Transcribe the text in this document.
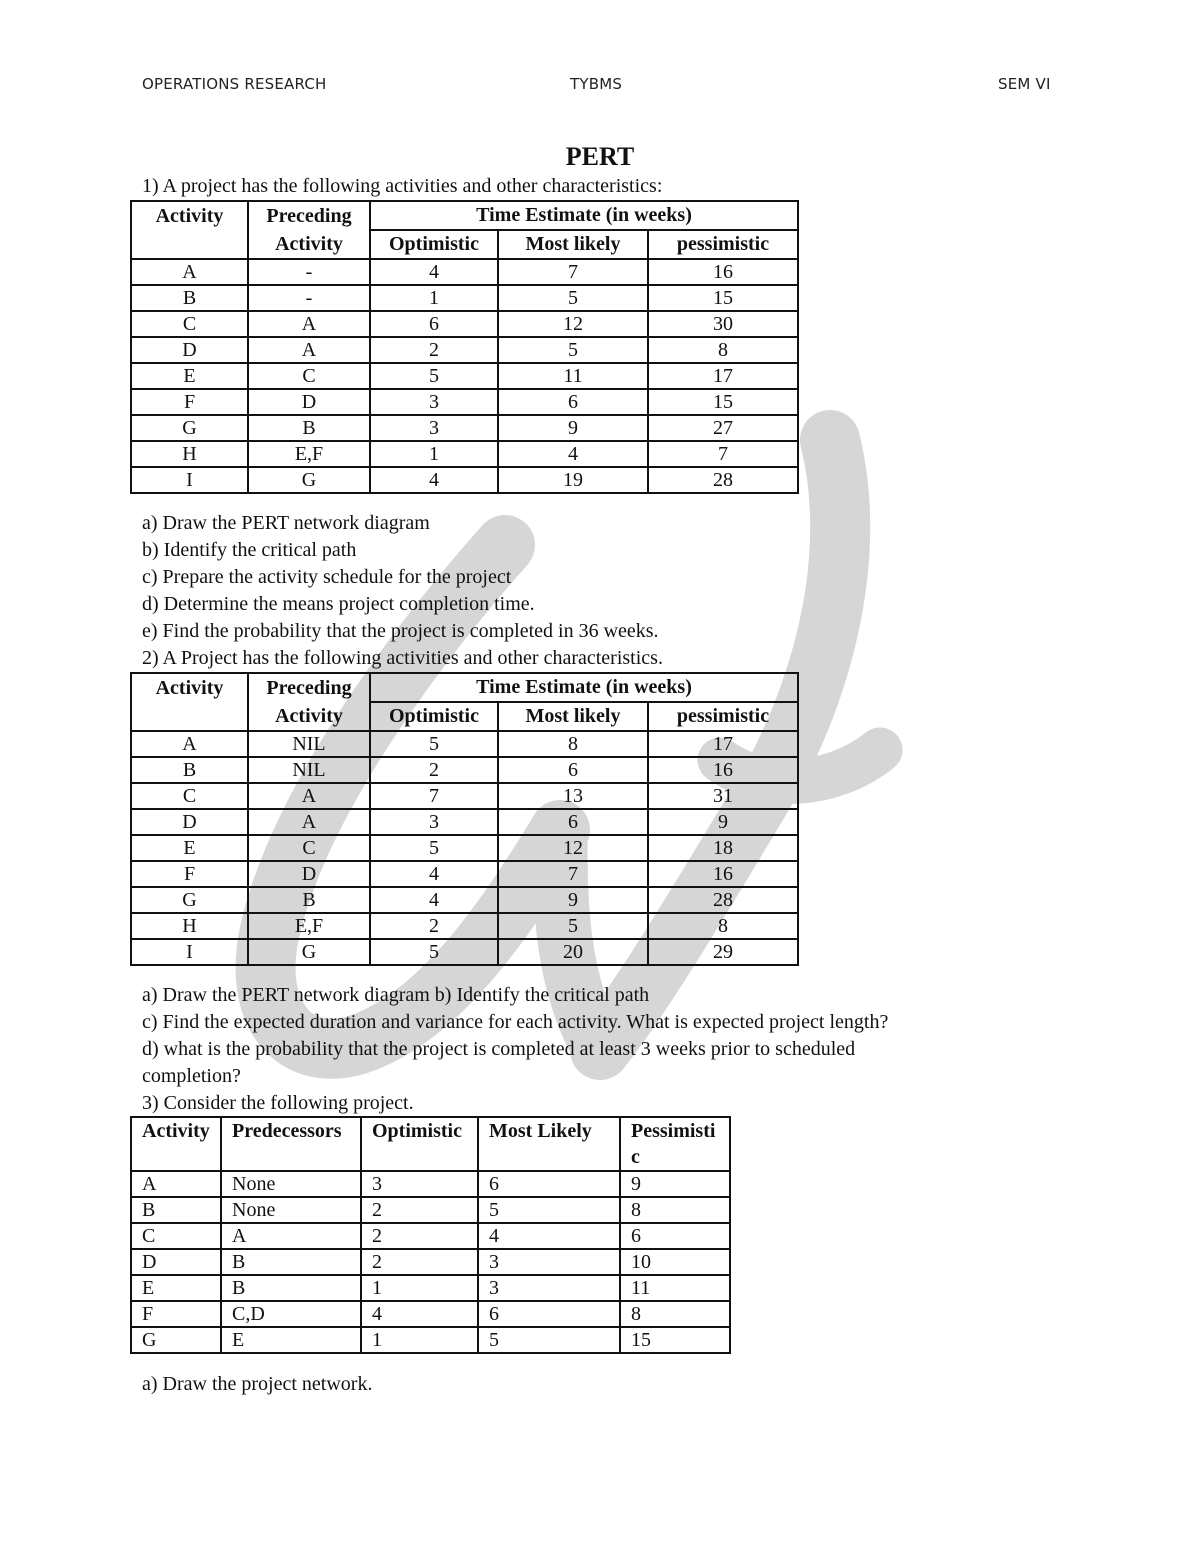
OPERATIONS RESEARCH	TYBMS	SEM VI
PERT
1) A project has the following activities and other characteristics:
Activity	Preceding	Time Estimate (in weeks)		
	Activity	Optimistic	Most likely	pessimistic
A	-	4	7	16
B	-	1	5	15
C	A	6	12	30
D	A	2	5	8
E	C	5	11	17
F	D	3	6	15
G	B	3	9	27
H	E,F	1	4	7
I	G	4	19	28
a) Draw the PERT network diagram
b) Identify the critical path
c) Prepare the activity schedule for the project
d) Determine the means project completion time.
e) Find the probability that the project is completed in 36 weeks.
2) A Project has the following activities and other characteristics.
Activity	Preceding	Time Estimate (in weeks)		
	Activity	Optimistic	Most likely	pessimistic
A	NIL	5	8	17
B	NIL	2	6	16
C	A	7	13	31
D	A	3	6	9
E	C	5	12	18
F	D	4	7	16
G	B	4	9	28
H	E,F	2	5	8
I	G	5	20	29
a) Draw the PERT network diagram b) Identify the critical path
c) Find the expected duration and variance for each activity. What is expected project length?
d) what is the probability that the project is completed at least 3 weeks prior to scheduled
completion?
3) Consider the following project.
Activity	Predecessors	Optimistic	Most Likely	Pessimisti
c
A	None	3	6	9
B	None	2	5	8
C	A	2	4	6
D	B	2	3	10
E	B	1	3	11
F	C,D	4	6	8
G	E	1	5	15
a) Draw the project network.
